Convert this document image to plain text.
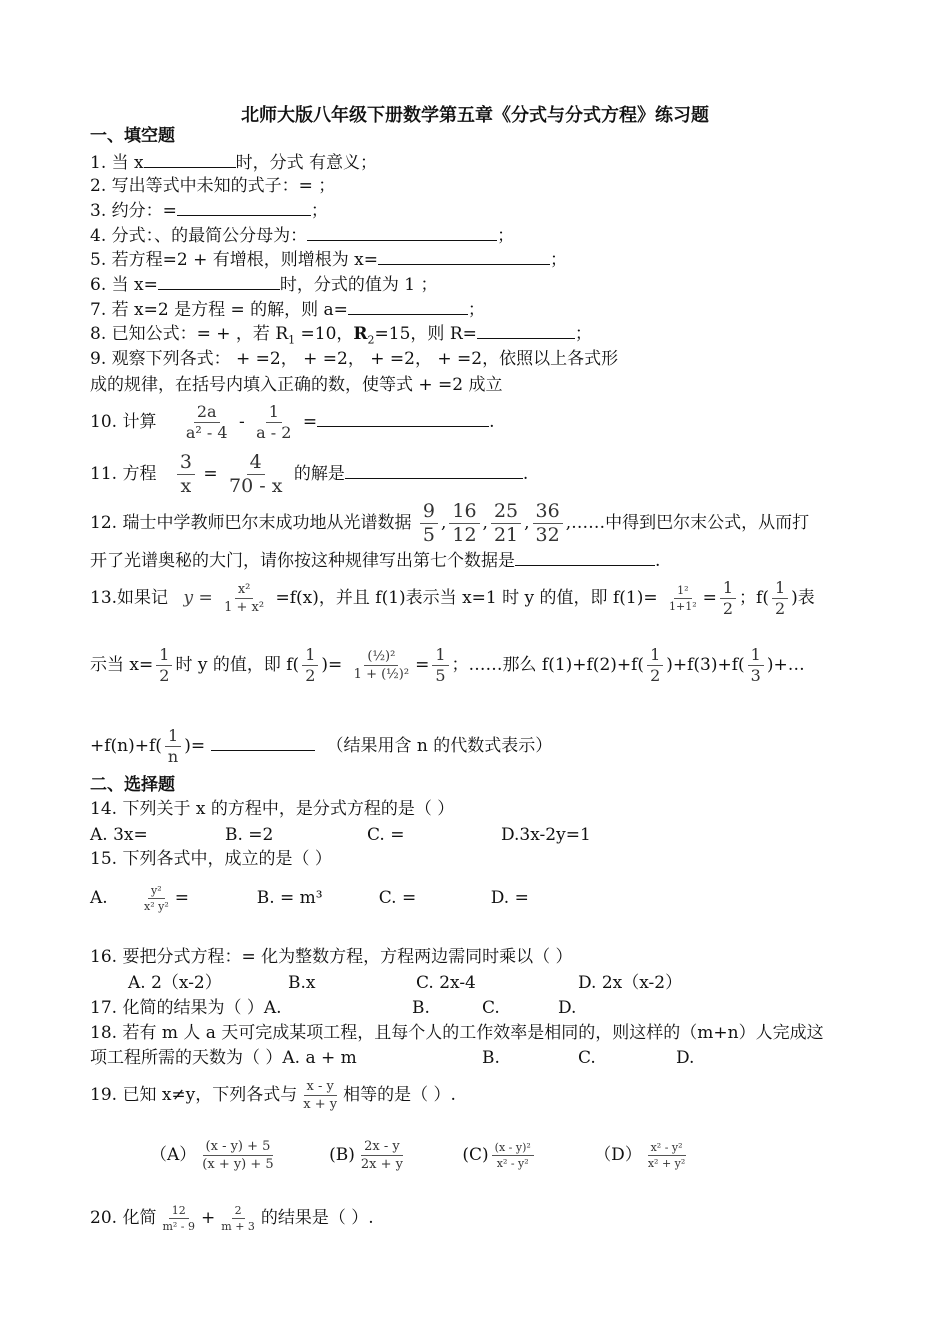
北师大版八年级下册数学第五章《分式与分式方程》练习题
一、填空题
1. 当 x	时，分式 有意义；
2. 写出等式中未知的式子：= ；
3. 约分：=	；
4. 分式：、的最简公分母为：	；
5. 若方程=2 + 有增根，则增根为 x=	；
6. 当 x=	时，分式的值为 1 ；
7. 若 x=2 是方程 = 的解，则 a=	；
8. 已知公式：= + ，若 $R_1 =10$，$R_2=15$，则 R=	；
9. 观察下列各式： + =2， + =2， + =2， + =2，依照以上各式形
成的规律，在括号内填入正确的数，使等式 + =2 成立
10. 计算 $\frac{2a}{\text{a² - 4}} - \frac{1}{a - 2}$ =	.
11. 方程 $\frac{3}{x} = \frac{4}{70 - x}$ 的解是	.
12. 瑞士中学教师巴尔末成功地从光谱数据 $\frac{9}{5}$ , $\frac{16}{12}$ , $\frac{25}{21}$ , $\frac{36}{32}$ ,……中得到巴尔末公式，从而打
开了光谱奥秘的大门，请你按这种规律写出第七个数据是	.
13.如果记 $y = \frac{\text{x²}}{\text{1 + x²}} =f(x)$，并且 f(1)表示当 x=1 时 y 的值，即 $f(1)= \frac{\text{1²}}{\text{1+1²}} = \frac{1}{2}$ ；$f( \frac{1}{2}$ )表
示当 $x= \frac{1}{2}$ 时 y 的值，即 $f( \frac{1}{2}$ )= $\frac{\text{(½)²}}{\text{1 + (½)²}} = \frac{1}{5}$ ；……那么 $f(1)+f(2)+f( \frac{1}{2} )+f(3)+f( \frac{1}{3}$ )+…
$+f(n)+f( \frac{1}{n}$ )=	（结果用含 n 的代数式表示）
二、选择题
14. 下列关于 x 的方程中，是分式方程的是（ ）
A. 3x=	B. =2	C. =	D.3x-2y=1
15. 下列各式中，成立的是（ ）
A.	$\frac{\text{y²}}{\text{x² y²}}$ =	B. = m³	C. =	D. =
16. 要把分式方程：= 化为整数方程，方程两边需同时乘以（ ）
A. 2（x-2）	B.x	C. 2x-4	D. 2x（x-2）
17. 化简的结果为（ ）A.	B.	C.	D.
18. 若有 m 人 a 天可完成某项工程，且每个人的工作效率是相同的，则这样的（m+n）人完成这
项工程所需的天数为（ ）A. a + m	B.	C.	D.
19. 已知 x≠y，下列各式与 $\frac{x - y}{x + y}$ 相等的是（ ）.
$(A) \frac{(x - y) + 5}{(x + y) + 5}$	$(B) \frac{2x - y}{2x + y}$	$(C) \frac{\text{(x - y)²}}{\text{x² - y²}}$	$(D) \frac{\text{x² - y²}}{\text{x² + y²}}$
20. 化简 $\frac{12}{\text{m² - 9}} + \frac{2}{m + 3}$ 的结果是（ ）.
